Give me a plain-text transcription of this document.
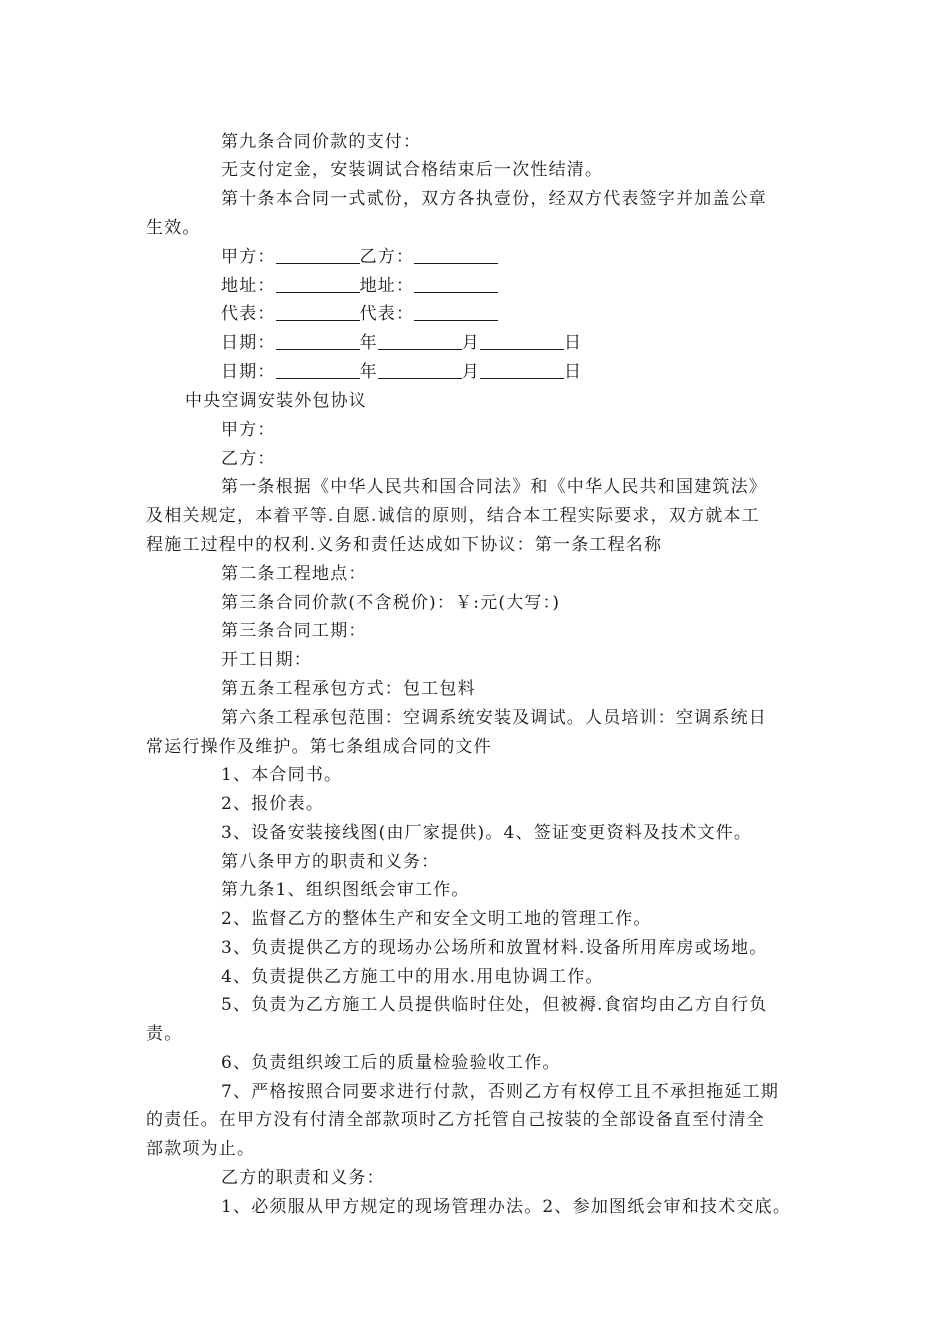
第九条合同价款的支付：
无支付定金，安装调试合格结束后一次性结清。
第十条本合同一式贰份，双方各执壹份，经双方代表签字并加盖公章
生效。
甲方：	乙方：
地址：	地址：
代表：	代表：
日期：	年	月	日
日期：	年	月	日
中央空调安装外包协议
甲方：
乙方：
第一条根据《中华人民共和国合同法》和《中华人民共和国建筑法》
及相关规定，本着平等.自愿.诚信的原则，结合本工程实际要求，双方就本工
程施工过程中的权利.义务和责任达成如下协议：第一条工程名称
第二条工程地点：
第三条合同价款(不含税价)：￥:元(大写：)
第三条合同工期：
开工日期：
第五条工程承包方式：包工包料
第六条工程承包范围：空调系统安装及调试。人员培训：空调系统日
常运行操作及维护。第七条组成合同的文件
1、本合同书。
2、报价表。
3、设备安装接线图(由厂家提供)。4、签证变更资料及技术文件。
第八条甲方的职责和义务：
第九条1、组织图纸会审工作。
2、监督乙方的整体生产和安全文明工地的管理工作。
3、负责提供乙方的现场办公场所和放置材料.设备所用库房或场地。
4、负责提供乙方施工中的用水.用电协调工作。
5、负责为乙方施工人员提供临时住处，但被褥.食宿均由乙方自行负
责。
6、负责组织竣工后的质量检验验收工作。
7、严格按照合同要求进行付款，否则乙方有权停工且不承担拖延工期
的责任。在甲方没有付清全部款项时乙方托管自己按装的全部设备直至付清全
部款项为止。
乙方的职责和义务：
1、必须服从甲方规定的现场管理办法。2、参加图纸会审和技术交底。
